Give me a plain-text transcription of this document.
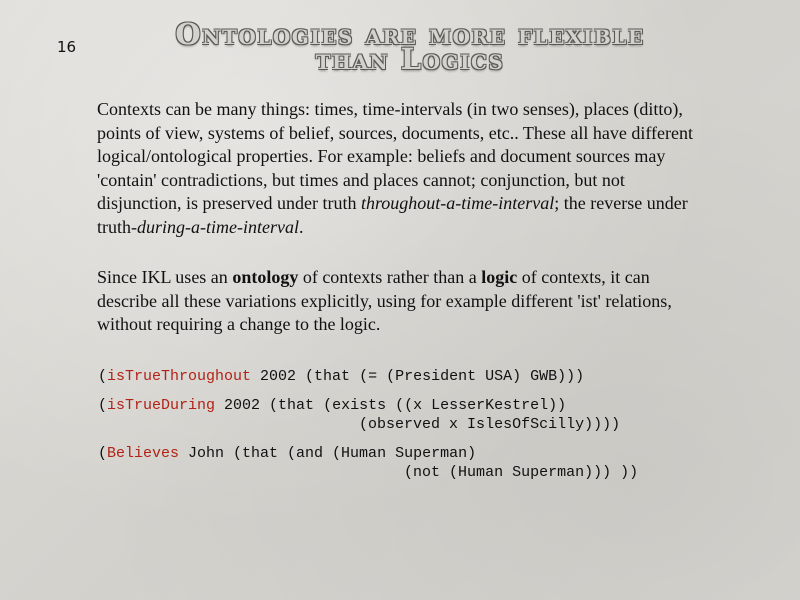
16	Ontologies are more flexible
than Logics
Contexts can be many things: times, time-intervals (in two senses), places (ditto), points of view, systems of belief, sources, documents, etc.. These all have different logical/ontological properties. For example: beliefs and document sources may 'contain' contradictions, but times and places cannot; conjunction, but not disjunction, is preserved under truth throughout-a-time-interval; the reverse under truth-during-a-time-interval.
Since IKL uses an ontology of contexts rather than a logic of contexts, it can describe all these variations explicitly, using for example different 'ist' relations, without requiring a change to the logic.
(isTrueThroughout 2002 (that (= (President USA) GWB)))
(isTrueDuring 2002 (that (exists ((x LesserKestrel))
(observed x IslesOfScilly))))
(Believes John (that (and (Human Superman)
(not (Human Superman))) ))
